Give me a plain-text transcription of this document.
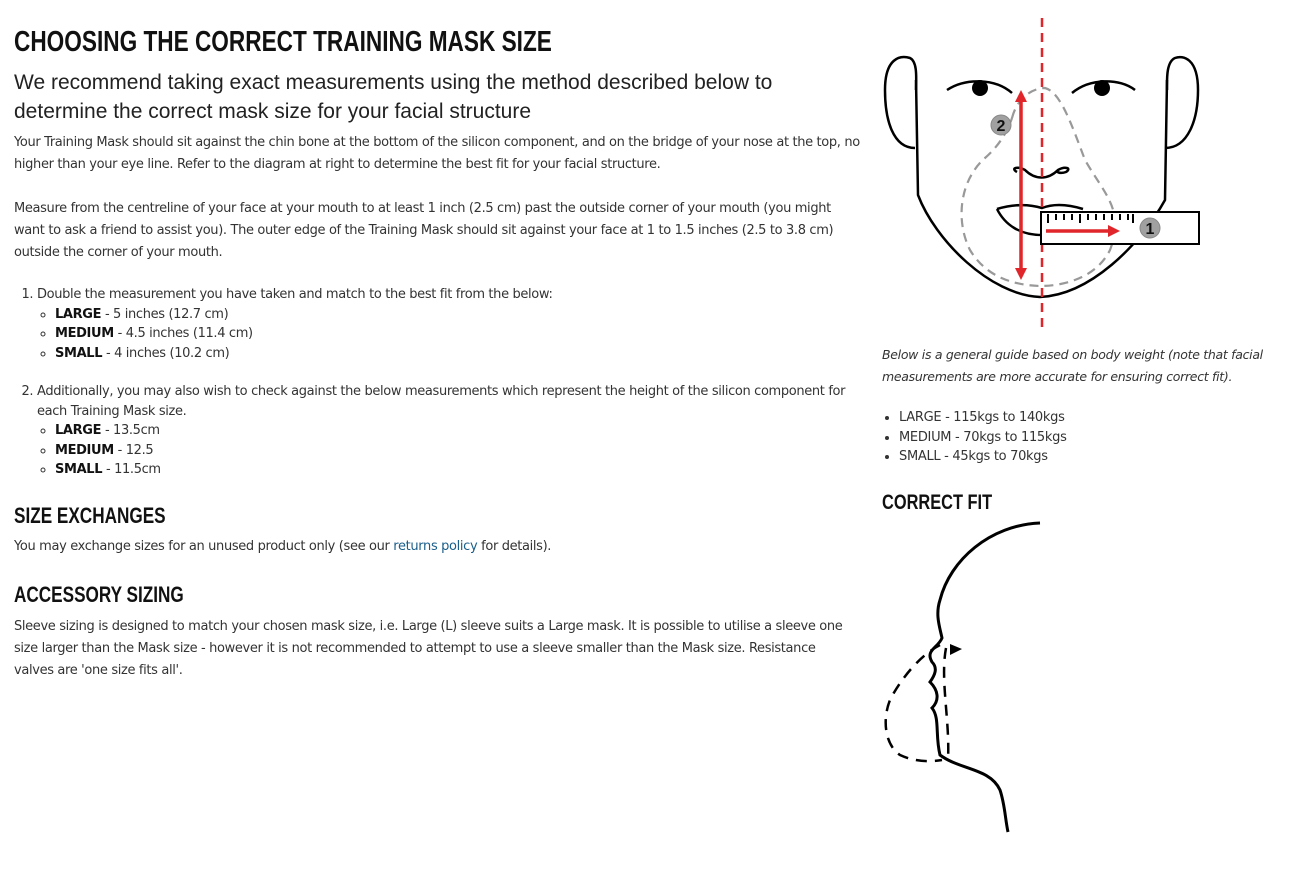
CHOOSING THE CORRECT TRAINING MASK SIZE
We recommend taking exact measurements using the method described below to determine the correct mask size for your facial structure
Your Training Mask should sit against the chin bone at the bottom of the silicon component, and on the bridge of your nose at the top, no higher than your eye line. Refer to the diagram at right to determine the best fit for your facial structure.
Measure from the centreline of your face at your mouth to at least 1 inch (2.5 cm) past the outside corner of your mouth (you might want to ask a friend to assist you). The outer edge of the Training Mask should sit against your face at 1 to 1.5 inches (2.5 to 3.8 cm) outside the corner of your mouth.
1. Double the measurement you have taken and match to the best fit from the below:
◦ LARGE - 5 inches (12.7 cm)
◦ MEDIUM - 4.5 inches (11.4 cm)
◦ SMALL - 4 inches (10.2 cm)
2. Additionally, you may also wish to check against the below measurements which represent the height of the silicon component for each Training Mask size.
◦ LARGE - 13.5cm
◦ MEDIUM - 12.5
◦ SMALL - 11.5cm
SIZE EXCHANGES
You may exchange sizes for an unused product only (see our returns policy for details).
ACCESSORY SIZING
Sleeve sizing is designed to match your chosen mask size, i.e. Large (L) sleeve suits a Large mask. It is possible to utilise a sleeve one size larger than the Mask size - however it is not recommended to attempt to use a sleeve smaller than the Mask size. Resistance valves are 'one size fits all'.
2
1
Below is a general guide based on body weight (note that facial measurements are more accurate for ensuring correct fit).
• LARGE - 115kgs to 140kgs
• MEDIUM - 70kgs to 115kgs
• SMALL - 45kgs to 70kgs
CORRECT FIT
